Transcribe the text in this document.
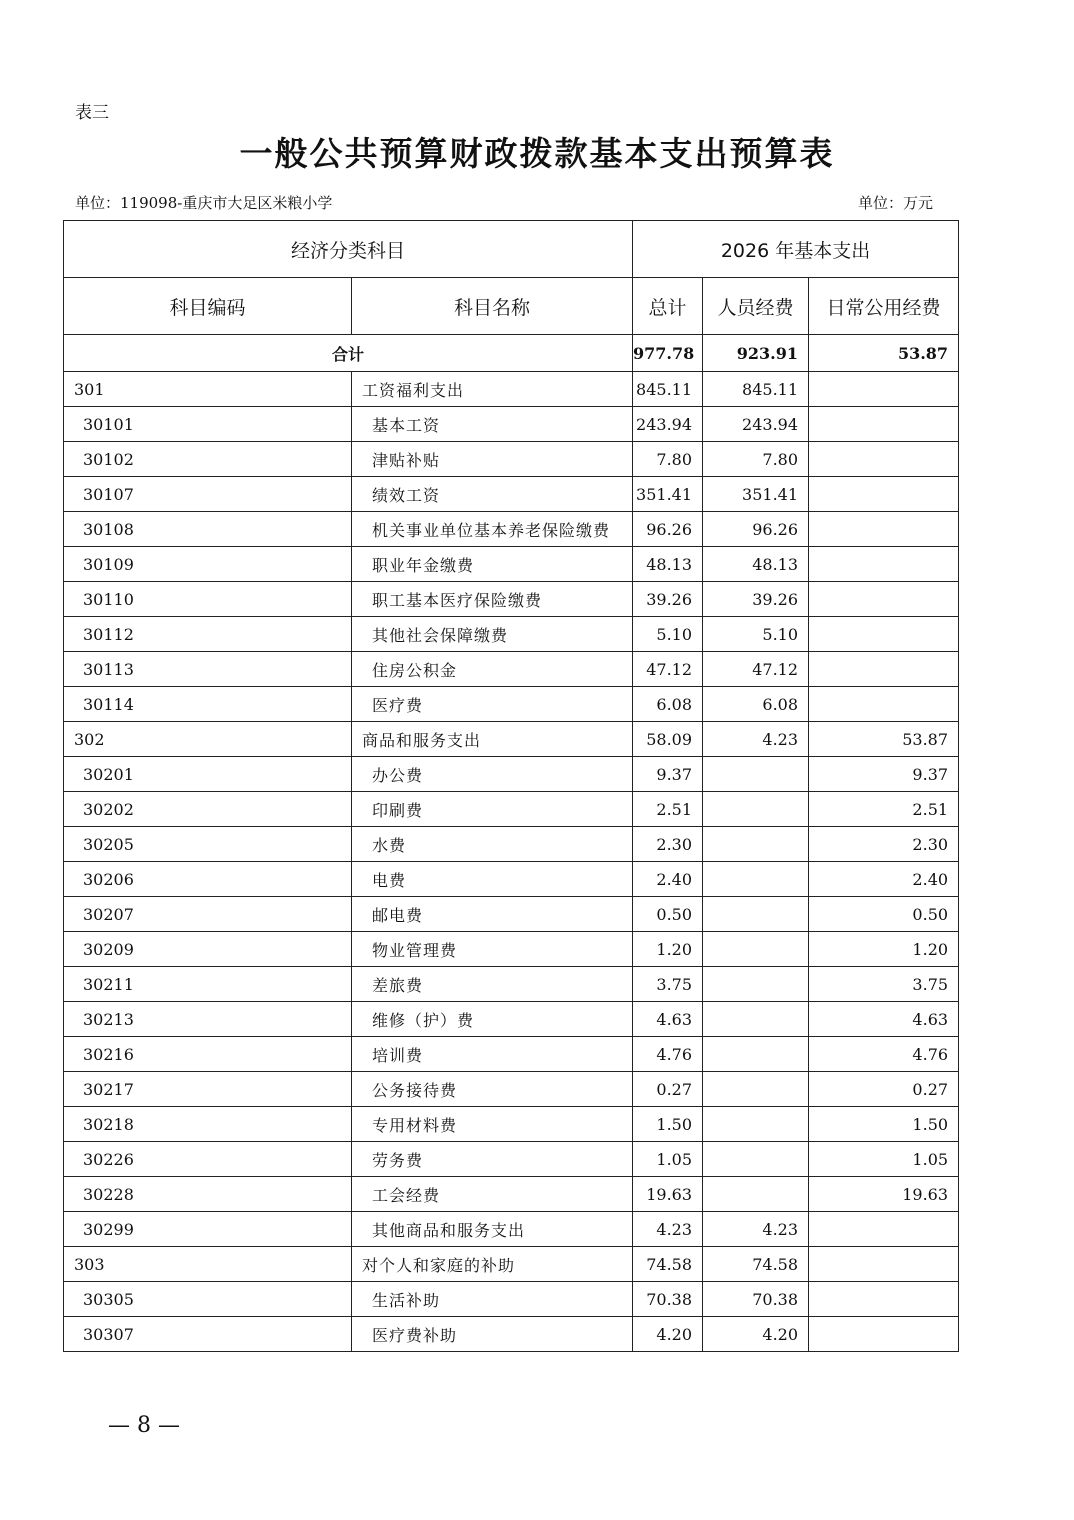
表三
一般公共预算财政拨款基本支出预算表
单位：119098-重庆市大足区米粮小学	单位：万元
经济分类科目		2026 年基本支出		
科目编码	科目名称	总计	人员经费	日常公用经费
合计		977.78	923.91	53.87
301	工资福利支出	845.11	845.11	
30101	基本工资	243.94	243.94	
30102	津贴补贴	7.80	7.80	
30107	绩效工资	351.41	351.41	
30108	机关事业单位基本养老保险缴费	96.26	96.26	
30109	职业年金缴费	48.13	48.13	
30110	职工基本医疗保险缴费	39.26	39.26	
30112	其他社会保障缴费	5.10	5.10	
30113	住房公积金	47.12	47.12	
30114	医疗费	6.08	6.08	
302	商品和服务支出	58.09	4.23	53.87
30201	办公费	9.37		9.37
30202	印刷费	2.51		2.51
30205	水费	2.30		2.30
30206	电费	2.40		2.40
30207	邮电费	0.50		0.50
30209	物业管理费	1.20		1.20
30211	差旅费	3.75		3.75
30213	维修（护）费	4.63		4.63
30216	培训费	4.76		4.76
30217	公务接待费	0.27		0.27
30218	专用材料费	1.50		1.50
30226	劳务费	1.05		1.05
30228	工会经费	19.63		19.63
30299	其他商品和服务支出	4.23	4.23	
303	对个人和家庭的补助	74.58	74.58	
30305	生活补助	70.38	70.38	
30307	医疗费补助	4.20	4.20	
— 8 —
